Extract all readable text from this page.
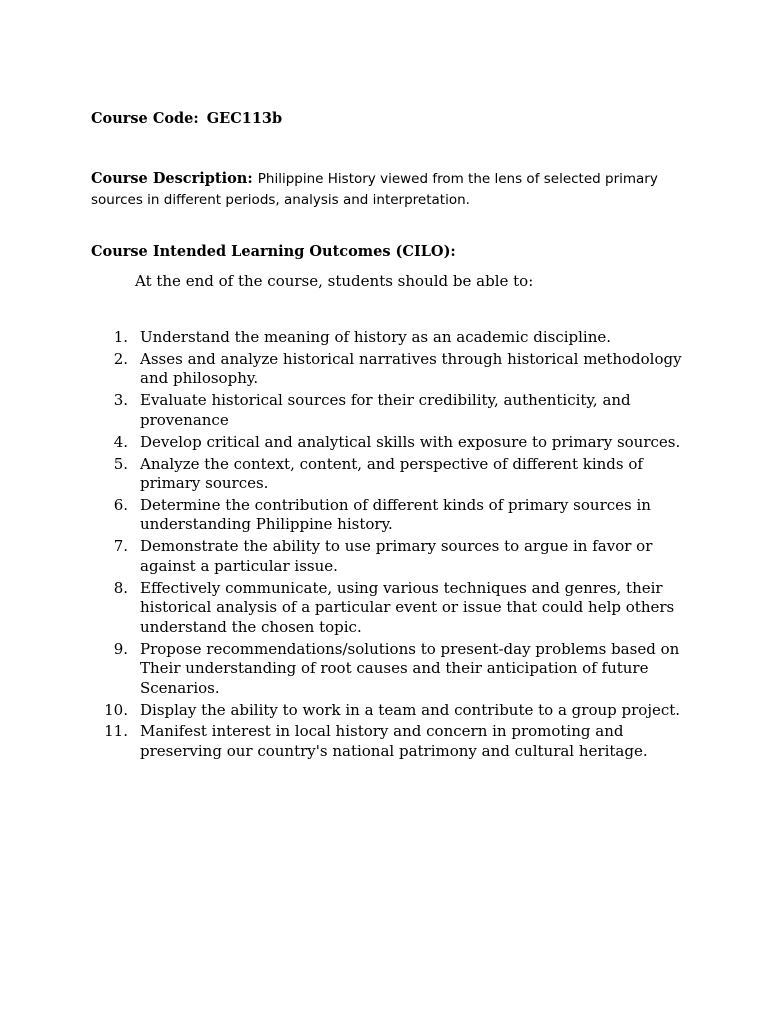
Course Code: GEC113b
Course Description: Philippine History viewed from the lens of selected primary sources in different periods, analysis and interpretation.
Course Intended Learning Outcomes (CILO):
At the end of the course, students should be able to:
1. Understand the meaning of history as an academic discipline.
2. Asses and analyze historical narratives through historical methodology and philosophy.
3. Evaluate historical sources for their credibility, authenticity, and provenance
4. Develop critical and analytical skills with exposure to primary sources.
5. Analyze the context, content, and perspective of different kinds of primary sources.
6. Determine the contribution of different kinds of primary sources in understanding Philippine history.
7. Demonstrate the ability to use primary sources to argue in favor or against a particular issue.
8. Effectively communicate, using various techniques and genres, their historical analysis of a particular event or issue that could help others understand the chosen topic.
9. Propose recommendations/solutions to present-day problems based on Their understanding of root causes and their anticipation of future Scenarios.
10. Display the ability to work in a team and contribute to a group project.
11. Manifest interest in local history and concern in promoting and preserving our country's national patrimony and cultural heritage.
